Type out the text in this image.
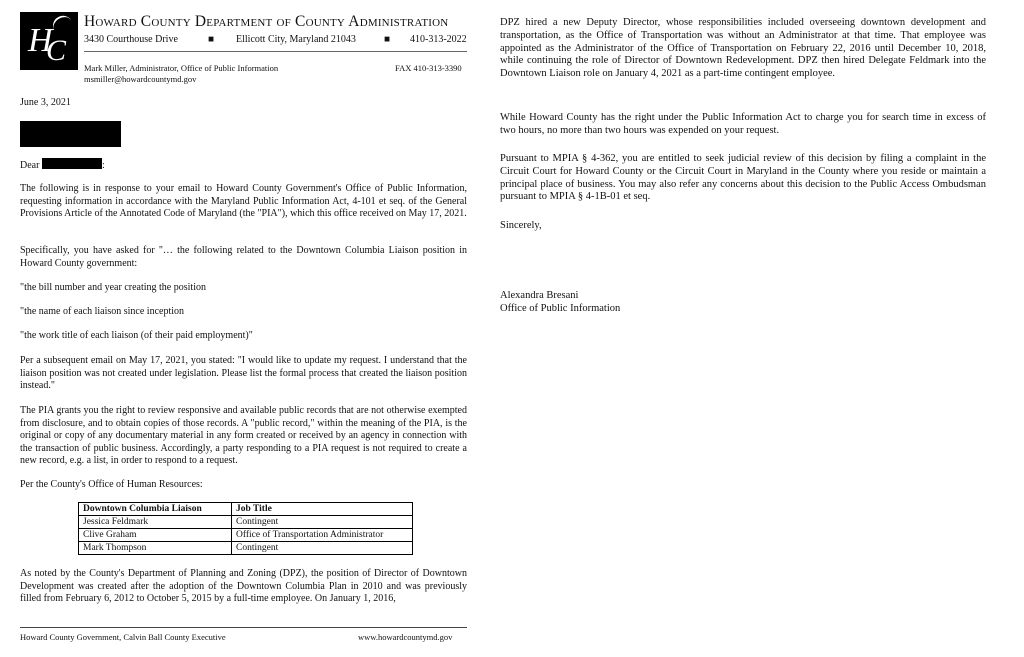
H
C
Howard County Department of County Administration
3430 Courthouse Drive	■ Ellicott City, Maryland 21043	■ 410-313-2022
Mark Miller, Administrator, Office of Public Information
msmiller@howardcountymd.gov
FAX 410-313-3390
June 3, 2021
Dear	:
The following is in response to your email to Howard County Government's Office of Public Information, requesting information in accordance with the Maryland Public Information Act, 4-101 et seq. of the General Provisions Article of the Annotated Code of Maryland (the "PIA"), which this office received on May 17, 2021.
Specifically, you have asked for "… the following related to the Downtown Columbia Liaison position in Howard County government:
"the bill number and year creating the position
"the name of each liaison since inception
"the work title of each liaison (of their paid employment)"
Per a subsequent email on May 17, 2021, you stated: "I would like to update my request. I understand that the liaison position was not created under legislation. Please list the formal process that created the liaison position instead."
The PIA grants you the right to review responsive and available public records that are not otherwise exempted from disclosure, and to obtain copies of those records. A "public record," within the meaning of the PIA, is the original or copy of any documentary material in any form created or received by an agency in connection with the transaction of public business. Accordingly, a party responding to a PIA request is not required to create a new record, e.g. a list, in order to respond to a request.
Per the County's Office of Human Resources:
Downtown Columbia Liaison	Job Title
Jessica Feldmark	Contingent
Clive Graham	Office of Transportation Administrator
Mark Thompson	Contingent
As noted by the County's Department of Planning and Zoning (DPZ), the position of Director of Downtown Development was created after the adoption of the Downtown Columbia Plan in 2010 and was previously filled from February 6, 2012 to October 5, 2015 by a full-time employee. On January 1, 2016,
Howard County Government, Calvin Ball County Executive	www.howardcountymd.gov
DPZ hired a new Deputy Director, whose responsibilities included overseeing downtown development and transportation, as the Office of Transportation was without an Administrator at that time. That employee was appointed as the Administrator of the Office of Transportation on February 22, 2016 until December 10, 2018, while continuing the role of Director of Downtown Redevelopment. DPZ then hired Delegate Feldmark into the Downtown Liaison role on January 4, 2021 as a part-time contingent employee.
While Howard County has the right under the Public Information Act to charge you for search time in excess of two hours, no more than two hours was expended on your request.
Pursuant to MPIA § 4-362, you are entitled to seek judicial review of this decision by filing a complaint in the Circuit Court for Howard County or the Circuit Court in Maryland in the County where you reside or maintain a principal place of business. You may also refer any concerns about this decision to the Public Access Ombudsman pursuant to MPIA § 4-1B-01 et seq.
Sincerely,
Alexandra Bresani
Office of Public Information
